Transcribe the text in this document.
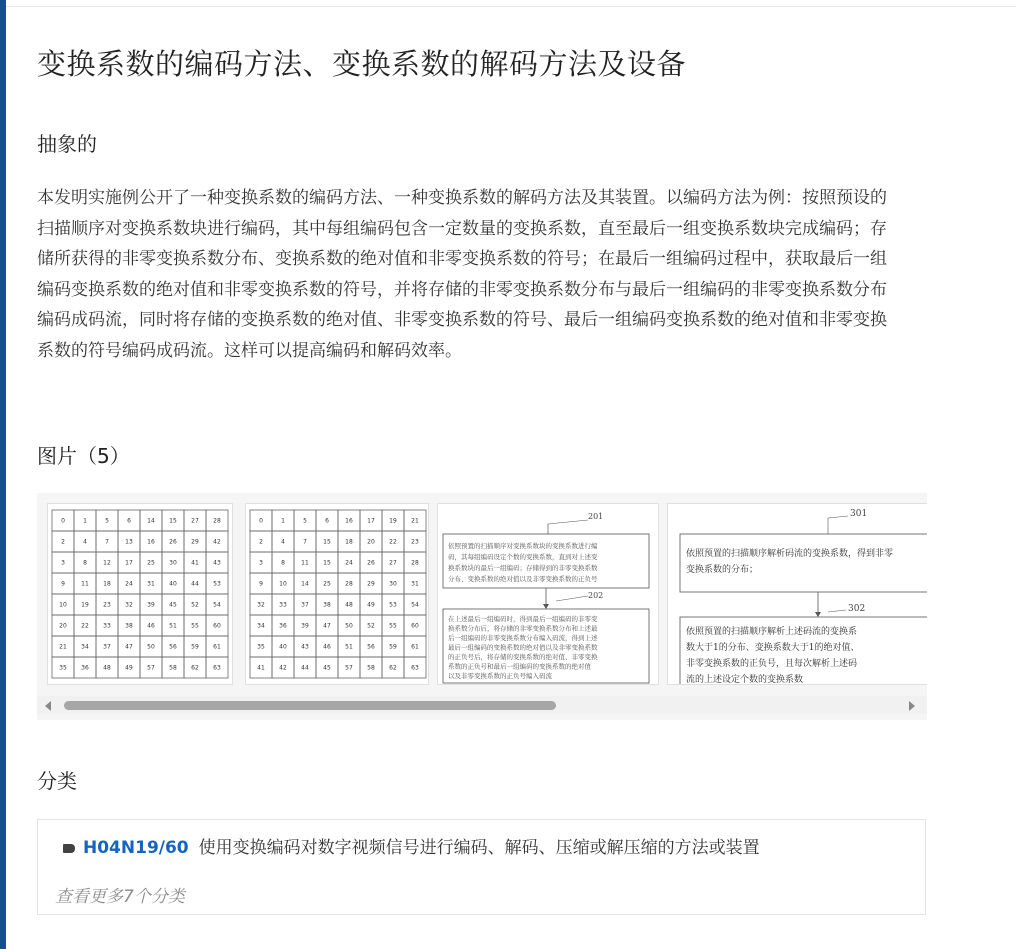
变换系数的编码方法、变换系数的解码方法及设备
抽象的

本发明实施例公开了一种变换系数的编码方法、一种变换系数的解码方法及其装置。以编码方法为例：按照预设的扫描顺序对变换系数块进行编码，其中每组编码包含一定数量的变换系数，直至最后一组变换系数块完成编码；存储所获得的非零变换系数分布、变换系数的绝对值和非零变换系数的符号；在最后一组编码过程中，获取最后一组编码变换系数的绝对值和非零变换系数的符号，并将存储的非零变换系数分布与最后一组编码的非零变换系数分布编码成码流，同时将存储的变换系数的绝对值、非零变换系数的符号、最后一组编码变换系数的绝对值和非零变换系数的符号编码成码流。这样可以提高编码和解码效率。

图片（5）
0	1	5	6	14 15 27 28
2	4	7	13 16 26 29 42
3	8	12 17 25 30 41 43
9	11 18 24 31 40 44 53
10 19 23 32 39 45 52 54
20 22 33 38 46 51 55 60
21 34 37 47 50 56 59 61
35 36 48 49 57 58 62 63
0	1	5	6	16 17 19 21
2	4	7	15 18 20 22 23
3	8	11 15 24 26 27 28
9	10 14 25 28 29 30 31
32 33 37 38 48 49 53 54
34 36 39 47 50 52 55 60
35 40 43 46 51 56 59 61
41 42 44 45 57 58 62 63
201
依照预置的扫描顺序对变换系数块的变换系数进行编
码，其每组编码设定个数的变换系数，直到对上述变
换系数块的最后一组编码；存储得到的非零变换系数
分布、变换系数的绝对值以及非零变换系数的正负号
202
在上述最后一组编码时，得到最后一组编码的非零变
换系数分布后，将存储的非零变换系数分布和上述最
后一组编码的非零变换系数分布编入码流，得到上述
最后一组编码的变换系数的绝对值以及非零变换系数
的正负号后，将存储的变换系数的绝对值、非零变换
系数的正负号和最后一组编码的变换系数的绝对值
以及非零变换系数的正负号编入码流
301
依照预置的扫描顺序解析码流的变换系数，得到非零
变换系数的分布；
302
依照预置的扫描顺序解析上述码流的变换系
数大于1的分布、变换系数大于1的绝对值、
非零变换系数的正负号，且每次解析上述码
流的上述设定个数的变换系数
分类
H04N19/60 使用变换编码对数字视频信号进行编码、解码、压缩或解压缩的方法或装置
查看更多7个分类
